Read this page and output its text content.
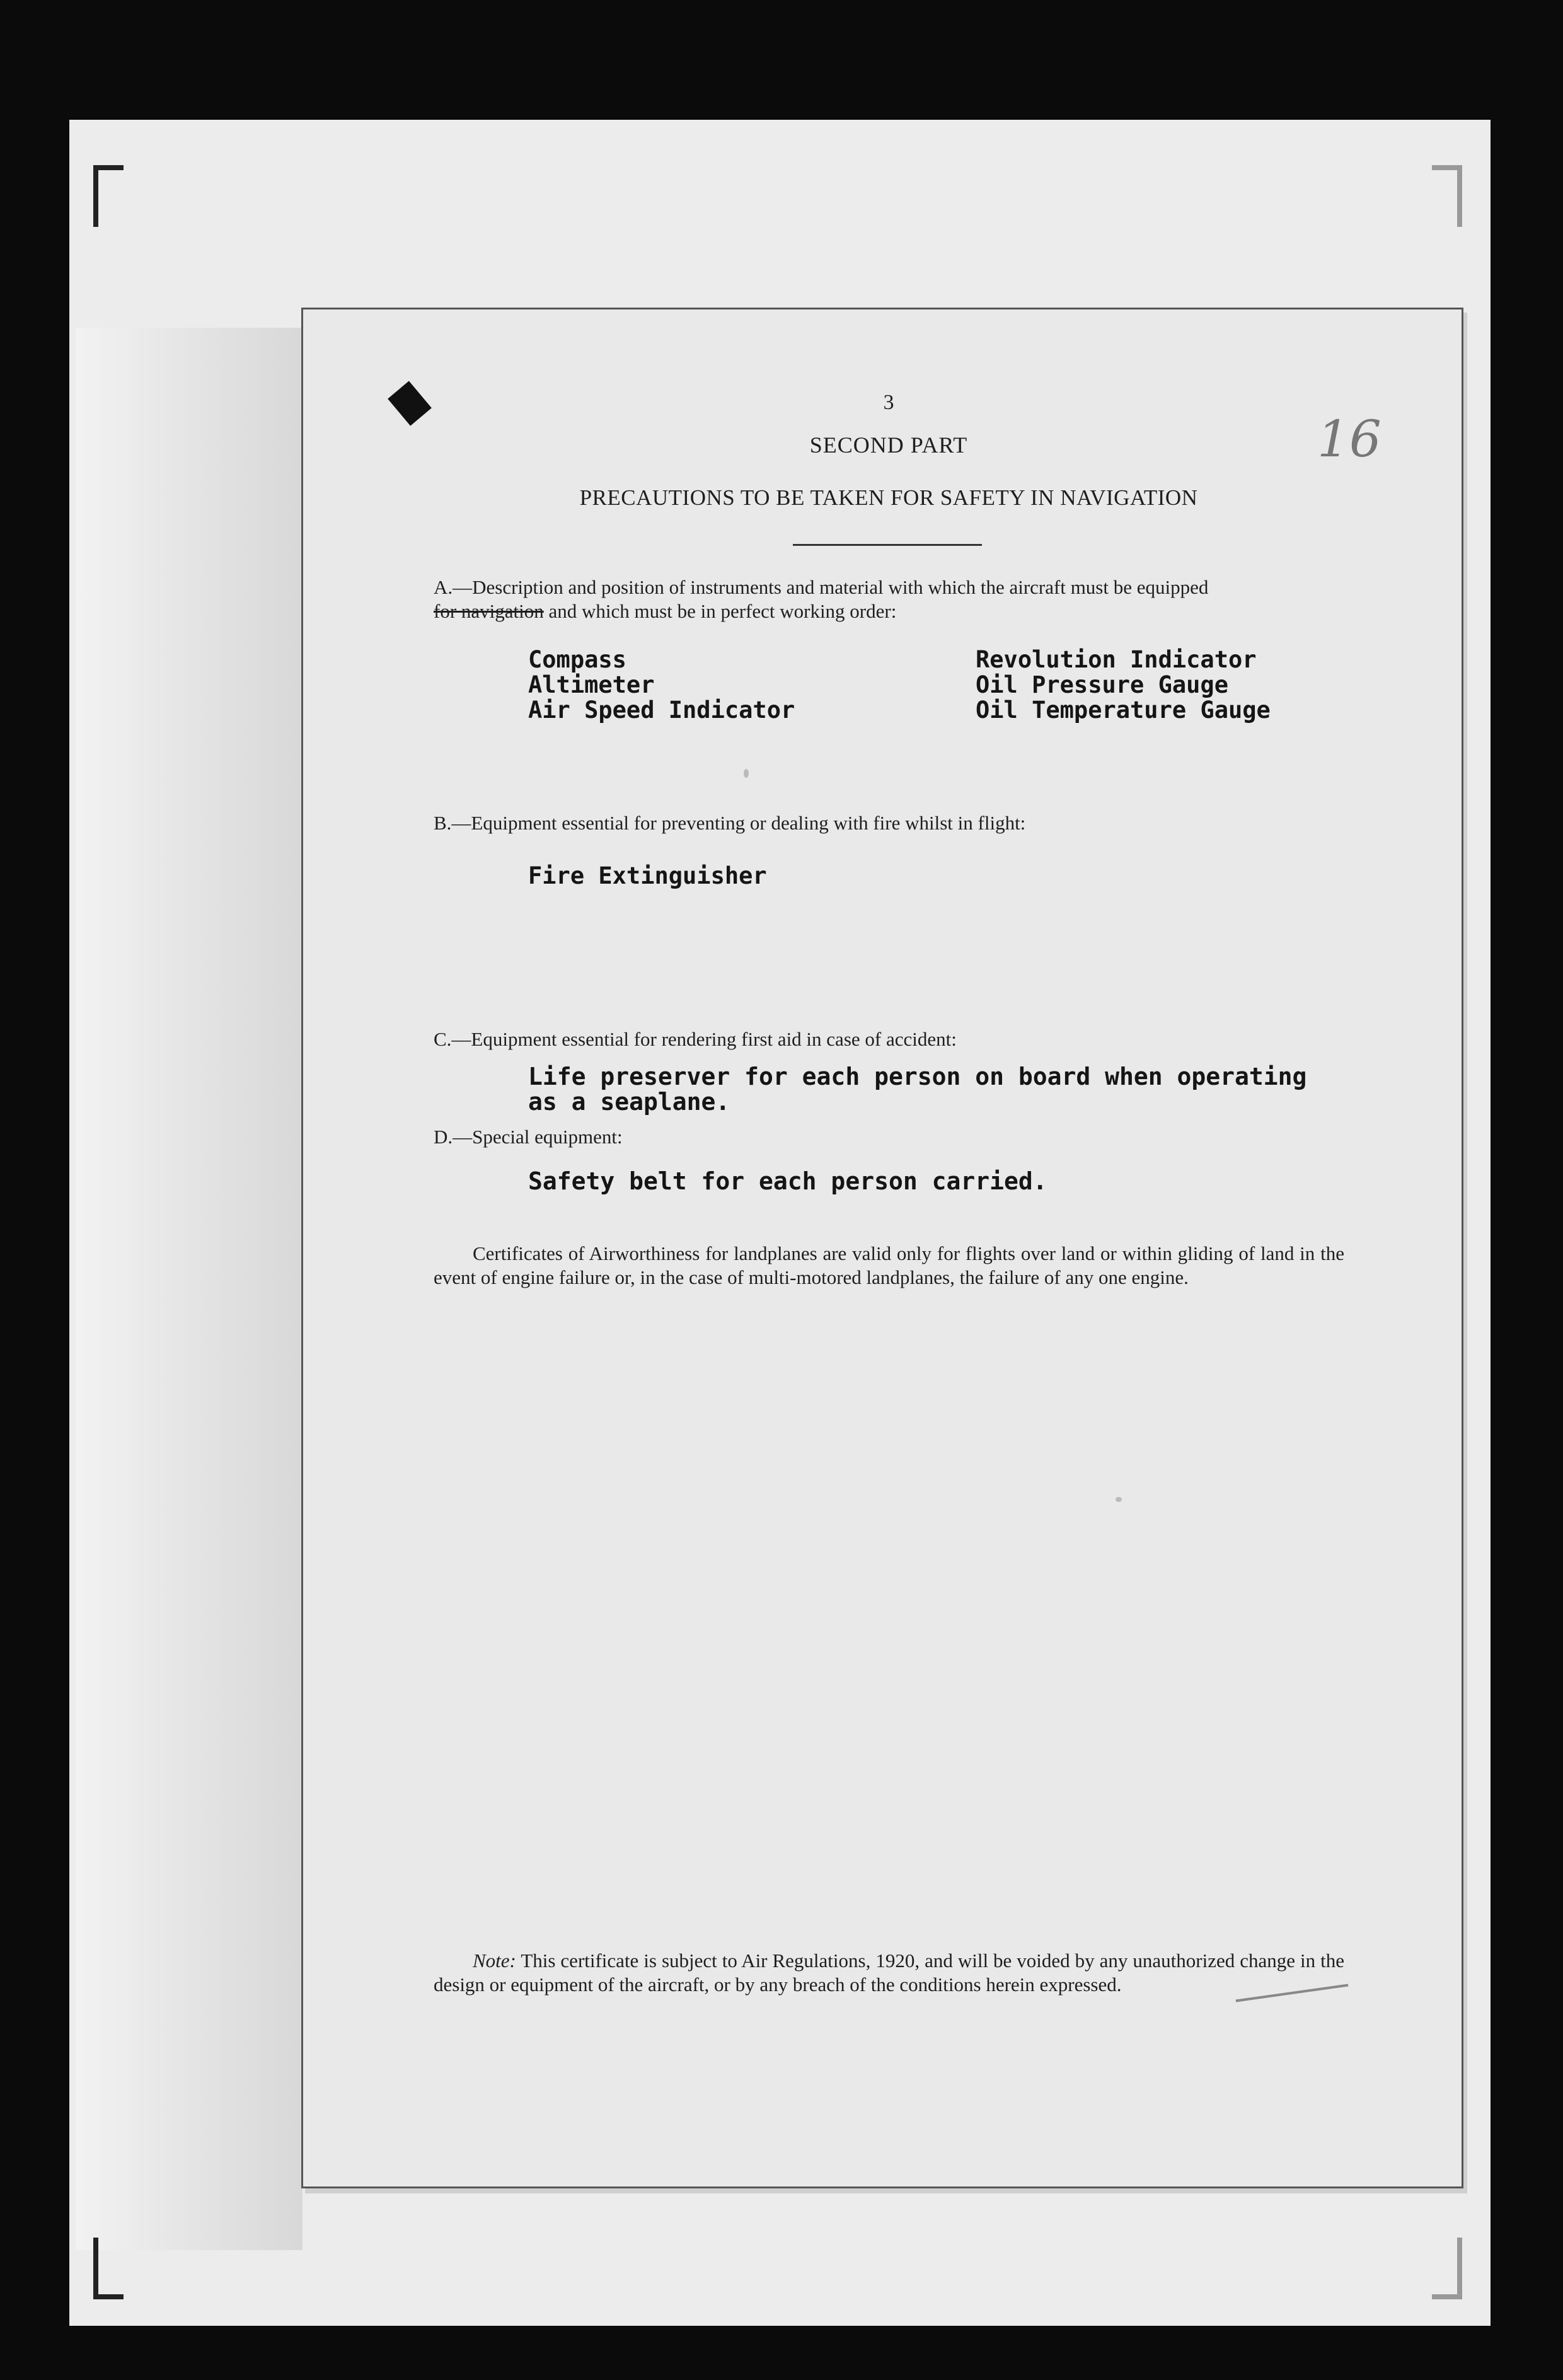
16
3
SECOND PART
PRECAUTIONS TO BE TAKEN FOR SAFETY IN NAVIGATION
A.—Description and position of instruments and material with which the aircraft must be equipped
for navigation and which must be in perfect working order:
Compass
Altimeter
Air Speed Indicator
Revolution Indicator
Oil Pressure Gauge
Oil Temperature Gauge
B.—Equipment essential for preventing or dealing with fire whilst in flight:
Fire Extinguisher
C.—Equipment essential for rendering first aid in case of accident:
Life preserver for each person on board when operating
as a seaplane.
D.—Special equipment:
Safety belt for each person carried.
Certificates of Airworthiness for landplanes are valid only for flights over land or within gliding of land in the event of engine failure or, in the case of multi-motored landplanes, the failure of any one engine.
Note: This certificate is subject to Air Regulations, 1920, and will be voided by any unauthorized change in the design or equipment of the aircraft, or by any breach of the conditions herein expressed.
